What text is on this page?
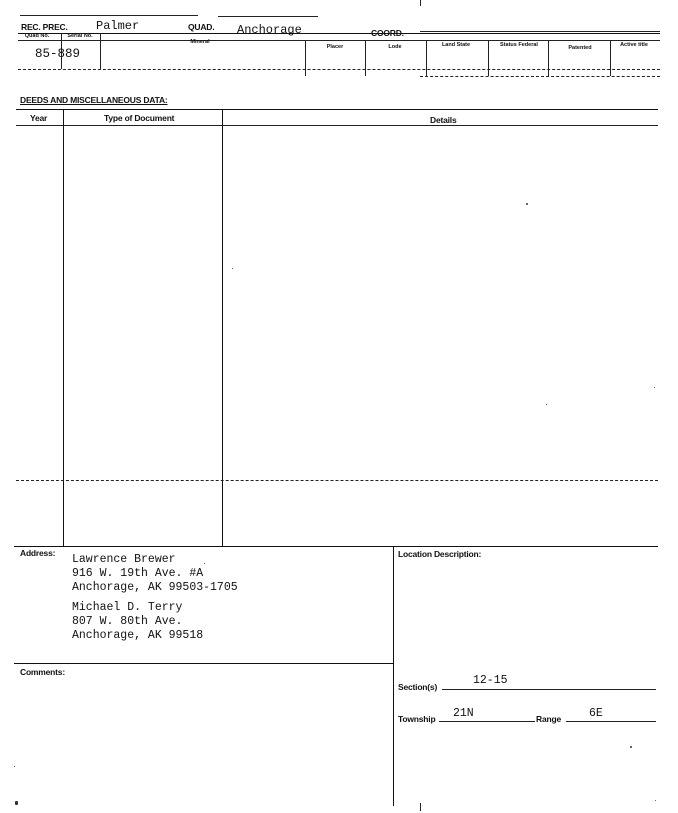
REC. PREC. Palmer	QUAD. Anchorage	COORD.
Quad No.	Serial No.
Mineral
Placer	Lode	Land State	Status Federal	Patented	Active title
85-889
DEEDS AND MISCELLANEOUS DATA:
Year	Type of Document	Details
Address: Lawrence Brewer
916 W. 19th Ave. #A
Anchorage, AK 99503-1705
Michael D. Terry
807 W. 80th Ave.
Anchorage, AK 99518
Location Description:
Comments:
Section(s)	12-15
Township 21N	Range 6E
